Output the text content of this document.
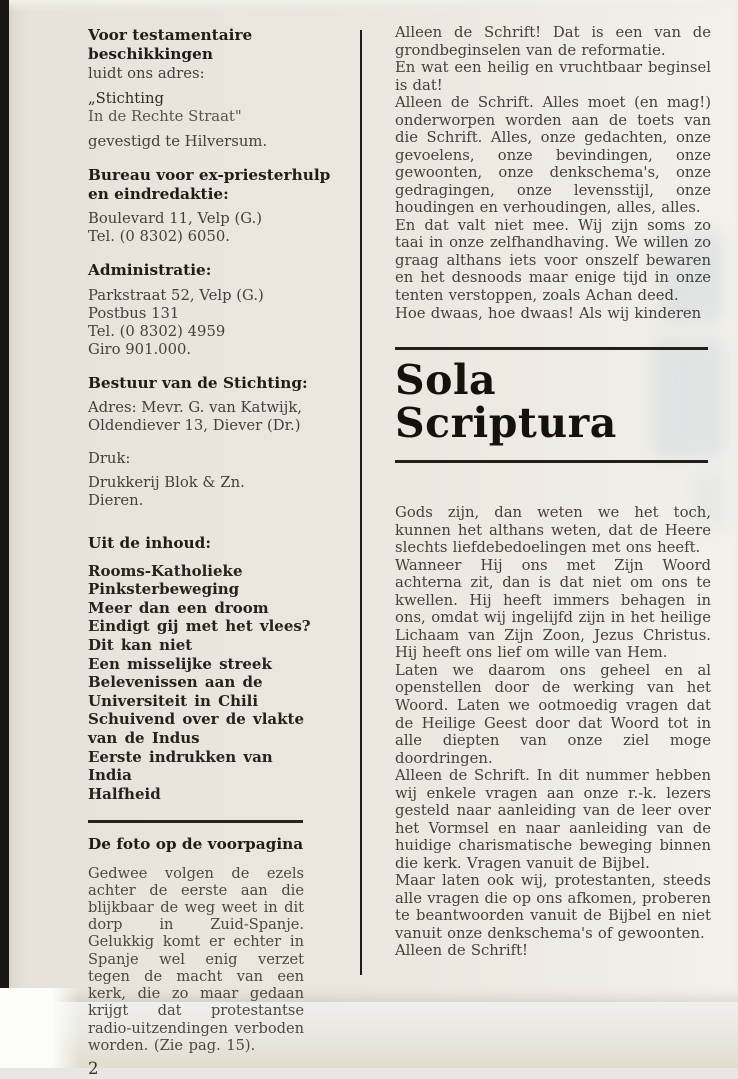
Voor testamentaire beschikkingen
luidt ons adres:
„Stichting
In de Rechte Straat"
gevestigd te Hilversum.
Bureau voor ex-priesterhulp en eindredaktie:
Boulevard 11, Velp (G.)
Tel. (0 8302) 6050.
Administratie:
Parkstraat 52, Velp (G.)
Postbus 131
Tel. (0 8302) 4959
Giro 901.000.
Bestuur van de Stichting:
Adres: Mevr. G. van Katwijk,
Oldendiever 13, Diever (Dr.)
Druk:
Drukkerij Blok & Zn.
Dieren.
Uit de inhoud:
Rooms-Katholieke Pinksterbeweging
Meer dan een droom
Eindigt gij met het vlees?
Dit kan niet
Een misselijke streek
Belevenissen aan de Universiteit in Chili
Schuivend over de vlakte van de Indus
Eerste indrukken van India
Halfheid
De foto op de voorpagina
Gedwee volgen de ezels achter de eerste aan die blijkbaar de weg weet in dit dorp in Zuid-Spanje. Gelukkig komt er echter in Spanje wel enig verzet tegen de macht van een kerk, die zo maar gedaan krijgt dat protestantse radio-uitzendingen verboden worden. (Zie pag. 15).
2

Alleen de Schrift! Dat is een van de grondbeginselen van de reformatie.

En wat een heilig en vruchtbaar beginsel is dat!

Alleen de Schrift. Alles moet (en mag!) onderworpen worden aan de toets van die Schrift. Alles, onze gedachten, onze gevoelens, onze bevindingen, onze gewoonten, onze denkschema's, onze gedragingen, onze levensstijl, onze houdingen en verhoudingen, alles, alles.

En dat valt niet mee. Wij zijn soms zo taai in onze zelfhandhaving. We willen zo graag althans iets voor onszelf bewaren en het desnoods maar enige tijd in onze tenten verstoppen, zoals Achan deed.

Hoe dwaas, hoe dwaas! Als wij kinderen

Sola Scriptura

Gods zijn, dan weten we het toch, kunnen het althans weten, dat de Heere slechts liefdebedoelingen met ons heeft.

Wanneer Hij ons met Zijn Woord achterna zit, dan is dat niet om ons te kwellen. Hij heeft immers behagen in ons, omdat wij ingelijfd zijn in het heilige Lichaam van Zijn Zoon, Jezus Christus. Hij heeft ons lief om wille van Hem.

Laten we daarom ons geheel en al openstellen door de werking van het Woord. Laten we ootmoedig vragen dat de Heilige Geest door dat Woord tot in alle diepten van onze ziel moge doordringen.

Alleen de Schrift. In dit nummer hebben wij enkele vragen aan onze r.-k. lezers gesteld naar aanleiding van de leer over het Vormsel en naar aanleiding van de huidige charismatische beweging binnen die kerk. Vragen vanuit de Bijbel.

Maar laten ook wij, protestanten, steeds alle vragen die op ons afkomen, proberen te beantwoorden vanuit de Bijbel en niet vanuit onze denkschema's of gewoonten.

Alleen de Schrift!
